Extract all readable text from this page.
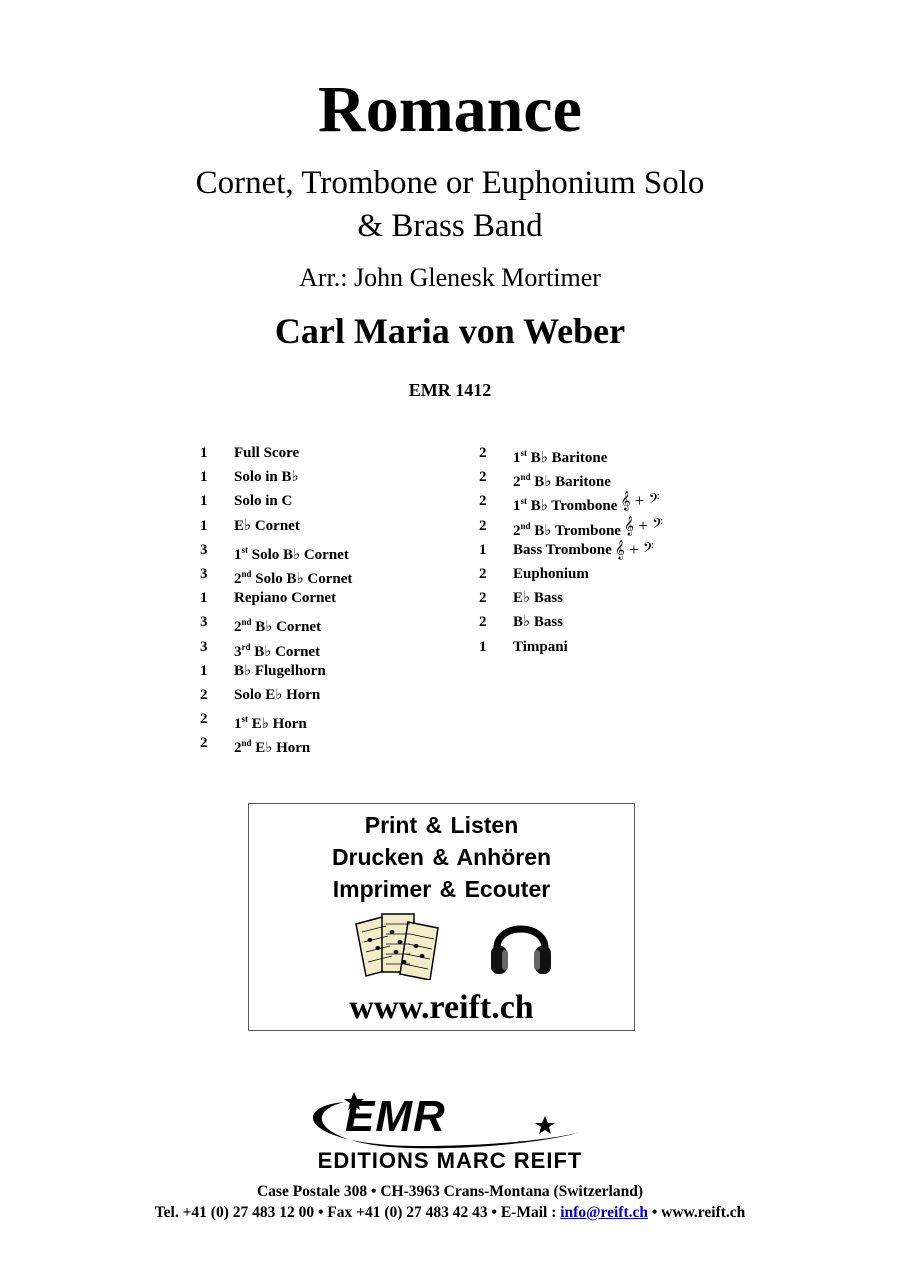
Romance
Cornet, Trombone or Euphonium Solo
& Brass Band
Arr.: John Glenesk Mortimer
Carl Maria von Weber
EMR 1412
1	Full Score
1	Solo in B♭
1	Solo in C
1	E♭ Cornet
3	1st Solo B♭ Cornet
3	2nd Solo B♭ Cornet
1	Repiano Cornet
3	2nd B♭ Cornet
3	3rd B♭ Cornet
1	B♭ Flugelhorn
2	Solo E♭ Horn
2	1st E♭ Horn
2	2nd E♭ Horn
2	1st B♭ Baritone
2	2nd B♭ Baritone
2	1st B♭ Trombone 𝄞 + 𝄢
2	2nd B♭ Trombone 𝄞 + 𝄢
1	Bass Trombone 𝄞 + 𝄢
2	Euphonium
2	E♭ Bass
2	B♭ Bass
1	Timpani
Print & Listen
Drucken & Anhören
Imprimer & Ecouter
www.reift.ch
EMR
EDITIONS MARC REIFT
Case Postale 308 • CH-3963 Crans-Montana (Switzerland)
Tel. +41 (0) 27 483 12 00 • Fax +41 (0) 27 483 42 43 • E-Mail : info@reift.ch • www.reift.ch
